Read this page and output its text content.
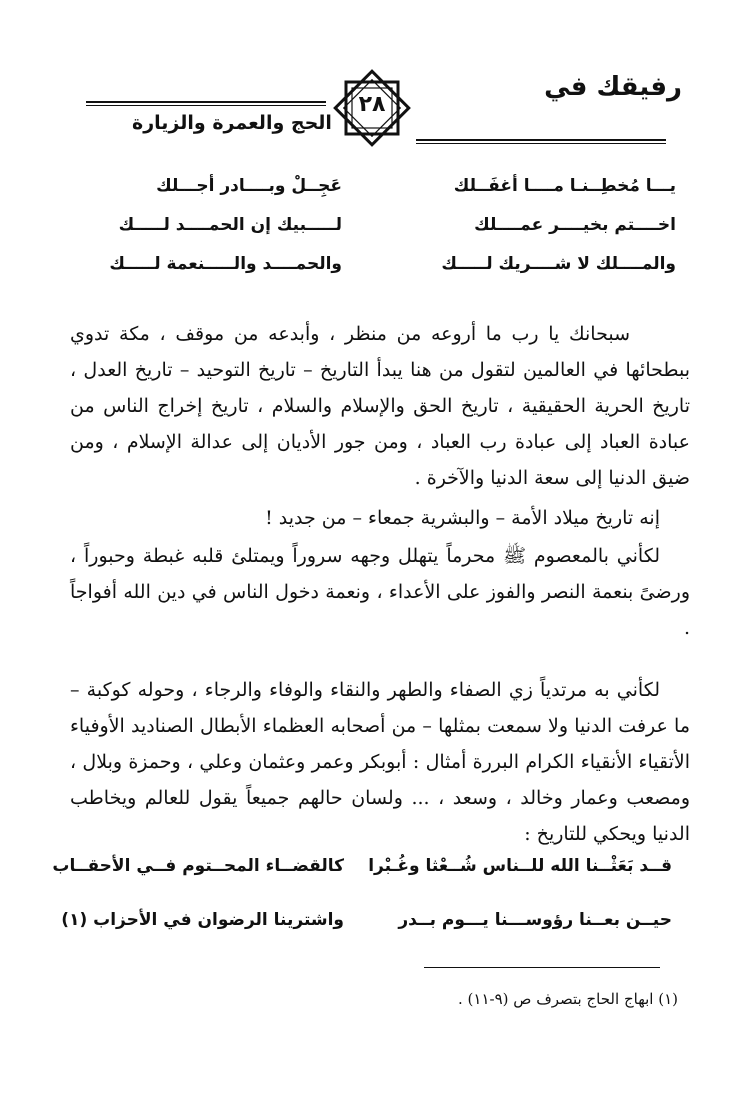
رفيقك في
٢٨
الحج والعمرة والزيارة
يـــا مُخطِــنـا مــــا أغفَــلك
عَجِــلْ وبــــادر أجـــلك
اخــــتم بخيــــر عمــــلك
لـــــبيك إن الحمــــد لـــــك
والمــــلك لا شــــريك لـــــك
والحمــــد والـــــنعمة لـــــك

سبحانك يا رب ما أروعه من منظر ، وأبدعه من موقف ، مكة تدوي ببطحائها في العالمين لتقول من هنا يبدأ التاريخ – تاريخ التوحيد – تاريخ العدل ، تاريخ الحرية الحقيقية ، تاريخ الحق والإسلام والسلام ، تاريخ إخراج الناس من عبادة العباد إلى عبادة رب العباد ، ومن جور الأديان إلى عدالة الإسلام ، ومن ضيق الدنيا إلى سعة الدنيا والآخرة .

إنه تاريخ ميلاد الأمة – والبشرية جمعاء – من جديد !

لكأني بالمعصوم ﷺ محرماً يتهلل وجهه سروراً ويمتلئ قلبه غبطة وحبوراً ، ورضىً بنعمة النصر والفوز على الأعداء ، ونعمة دخول الناس في دين الله أفواجاً .

لكأني به مرتدياً زي الصفاء والطهر والنقاء والوفاء والرجاء ، وحوله كوكبة – ما عرفت الدنيا ولا سمعت بمثلها – من أصحابه العظماء الأبطال الصناديد الأوفياء الأتقياء الأنقياء الكرام البررة أمثال : أبوبكر وعمر وعثمان وعلي ، وحمزة وبلال ، ومصعب وعمار وخالد ، وسعد ، ... ولسان حالهم جميعاً يقول للعالم ويخاطب الدنيا ويحكي للتاريخ :

قــد بَعَثْــنا الله للــناس شُــعْثا وغُـبْرا
كالقضــاء المحــتوم فــي الأحقــاب
حيــن بعــنا رؤوســـنا يـــوم بــدر
واشترينا الرضوان في الأحزاب (١)
(١) ابهاج الحاج بتصرف ص (٩-١١) .
